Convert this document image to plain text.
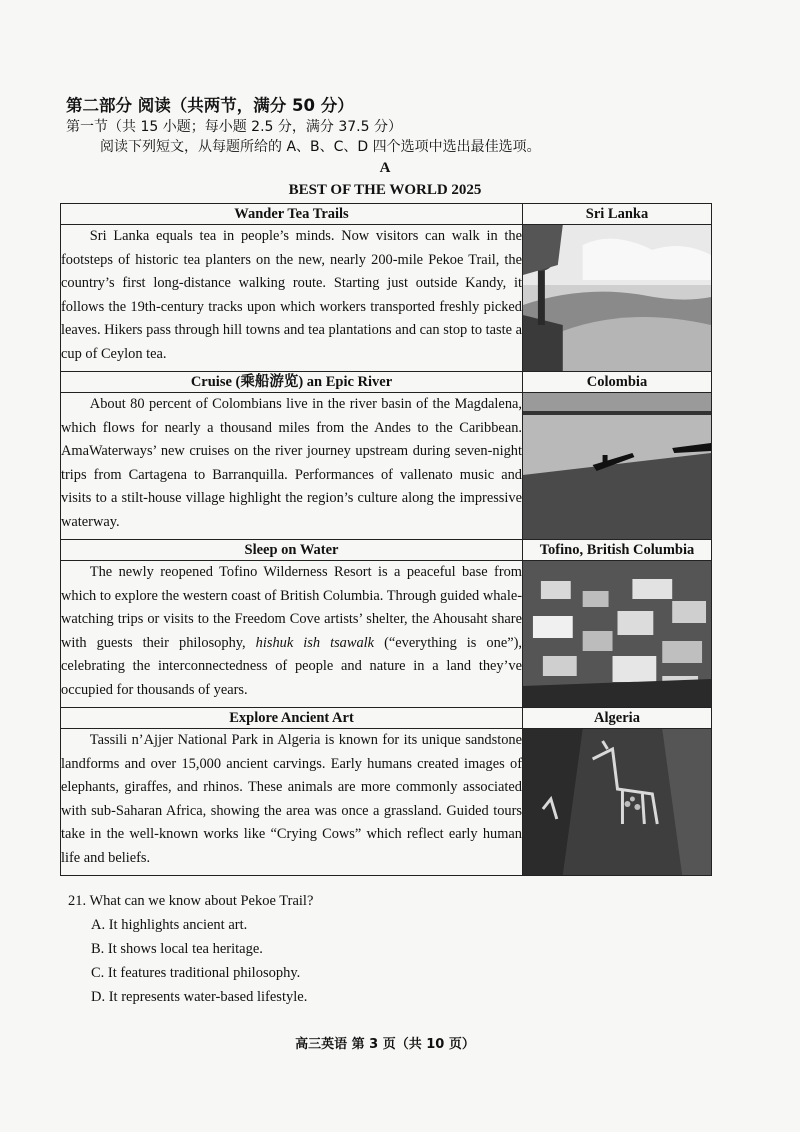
第二部分 阅读（共两节，满分 50 分）
第一节（共 15 小题；每小题 2.5 分，满分 37.5 分）
阅读下列短文，从每题所给的 A、B、C、D 四个选项中选出最佳选项。
A
BEST OF THE WORLD 2025
Wander Tea Trails	Sri Lanka

Sri Lanka equals tea in people’s minds. Now visitors can walk in the footsteps of historic tea planters on the new, nearly 200-mile Pekoe Trail, the country’s first long-distance walking route. Starting just outside Kandy, it follows the 19th-century tracks upon which workers transported freshly picked leaves. Hikers pass through hill towns and tea plantations and can stop to taste a cup of Ceylon tea.

Cruise (乘船游览) an Epic River	Colombia

About 80 percent of Colombians live in the river basin of the Magdalena, which flows for nearly a thousand miles from the Andes to the Caribbean. AmaWaterways’ new cruises on the river journey upstream during seven-night trips from Cartagena to Barranquilla. Performances of vallenato music and visits to a stilt-house village highlight the region’s culture along the impressive waterway.

Sleep on Water	Tofino, British Columbia

The newly reopened Tofino Wilderness Resort is a peaceful base from which to explore the western coast of British Columbia. Through guided whale-watching trips or visits to the Freedom Cove artists’ shelter, the Ahousaht share with guests their philosophy, hishuk ish tsawalk (“everything is one”), celebrating the interconnectedness of people and nature in a land they’ve occupied for thousands of years.

Explore Ancient Art	Algeria

Tassili n’Ajjer National Park in Algeria is known for its unique sandstone landforms and over 15,000 ancient carvings. Early humans created images of elephants, giraffes, and rhinos. These animals are more commonly associated with sub-Saharan Africa, showing the area was once a grassland. Guided tours take in the well-known works like “Crying Cows” which reflect early human life and beliefs.

21. What can we know about Pekoe Trail?
A. It highlights ancient art.
B. It shows local tea heritage.
C. It features traditional philosophy.
D. It represents water-based lifestyle.
高三英语 第 3 页（共 10 页）
